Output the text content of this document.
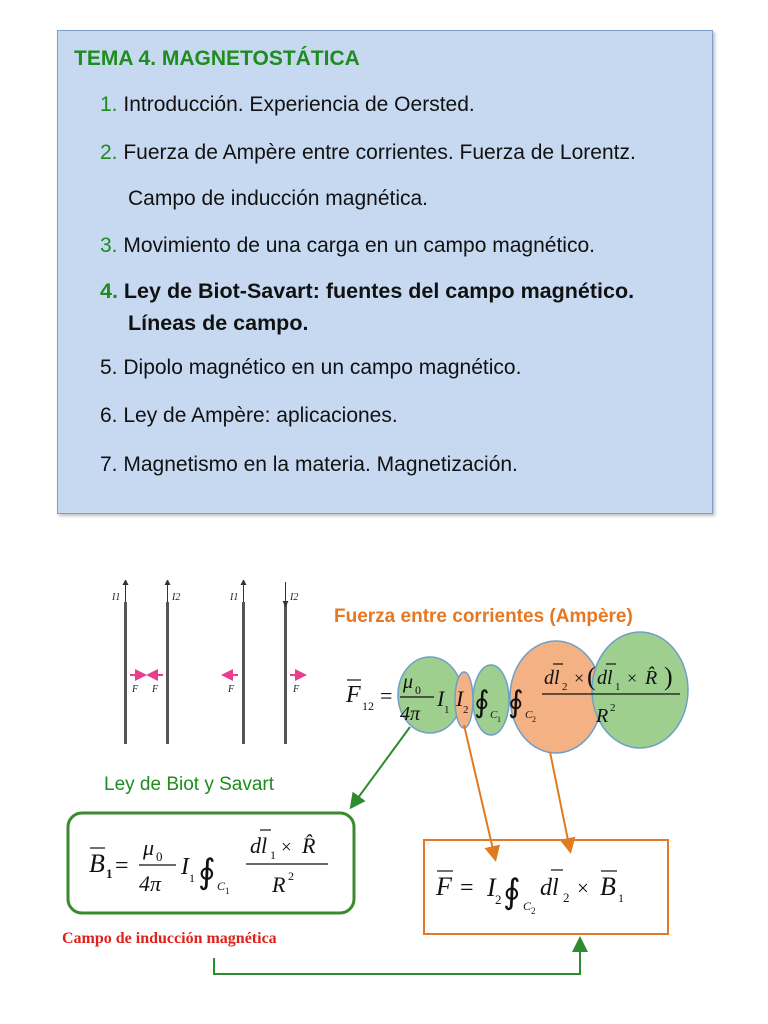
TEMA 4. MAGNETOSTÁTICA
1. Introducción. Experiencia de Oersted.
2. Fuerza de Ampère entre corrientes. Fuerza de Lorentz.
Campo de inducción magnética.
3. Movimiento de una carga en un campo magnético.
4. Ley de Biot-Savart: fuentes del campo magnético.
Líneas de campo.
5. Dipolo magnético en un campo magnético.
6. Ley de Ampère: aplicaciones.
7. Magnetismo en la materia. Magnetización.
I1	I2
F F
I1	I2
F	F
Fuerza entre corrientes (Ampère)
Ley de Biot y Savart
Campo de inducción magnética
F 12 =
μ 0
4π
I 1 I 2 ∮ C 1
∮ C 2
dl 2 × ( dl 1 × R̂ )
R 2
B 1 =
μ 0
4π
I 1 ∮ C 1
dl 1 × R̂
R 2	F = I 2 ∮ C 2
dl 2 × B 1
